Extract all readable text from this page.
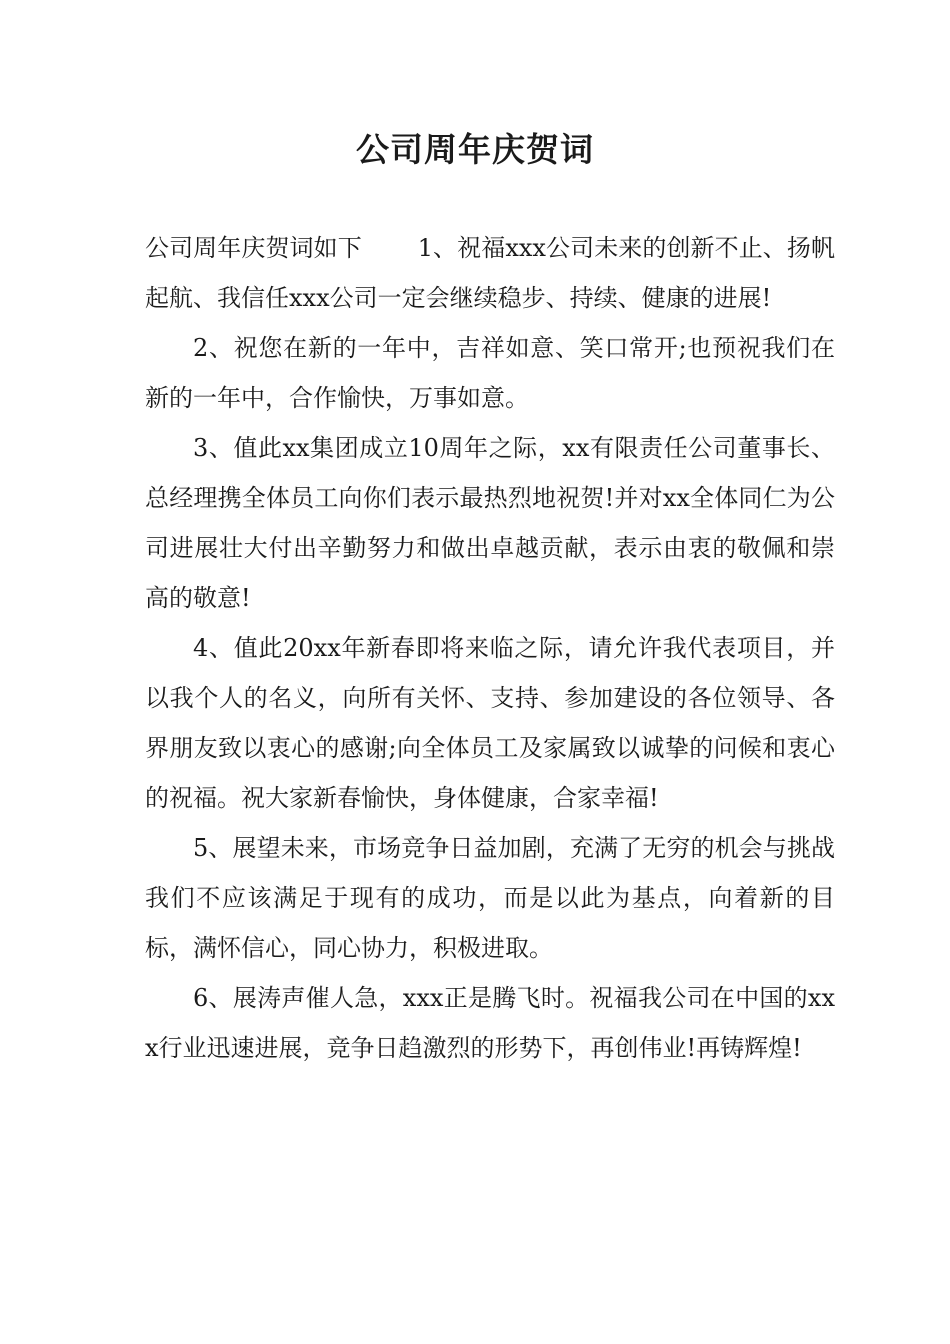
公司周年庆贺词

公司周年庆贺词如下　　 1、祝福xxx公司未来的创新不止、扬帆起航、我信任xxx公司一定会继续稳步、持续、健康的进展!

2、祝您在新的一年中，吉祥如意、笑口常开;也预祝我们在新的一年中，合作愉快，万事如意。

3、值此xx集团成立10周年之际，xx有限责任公司董事长、总经理携全体员工向你们表示最热烈地祝贺!并对xx全体同仁为公司进展壮大付出辛勤努力和做出卓越贡献，表示由衷的敬佩和崇高的敬意!

4、值此20xx年新春即将来临之际，请允许我代表项目，并以我个人的名义，向所有关怀、支持、参加建设的各位领导、各界朋友致以衷心的感谢;向全体员工及家属致以诚挚的问候和衷心的祝福。祝大家新春愉快，身体健康，合家幸福!

5、展望未来，市场竞争日益加剧，充满了无穷的机会与挑战　　 我们不应该满足于现有的成功，而是以此为基点，向着新的目标，满怀信心，同心协力，积极进取。

6、展涛声催人急，xxx正是腾飞时。祝福我公司在中国的xxx行业迅速进展，竞争日趋激烈的形势下，再创伟业!再铸辉煌!
